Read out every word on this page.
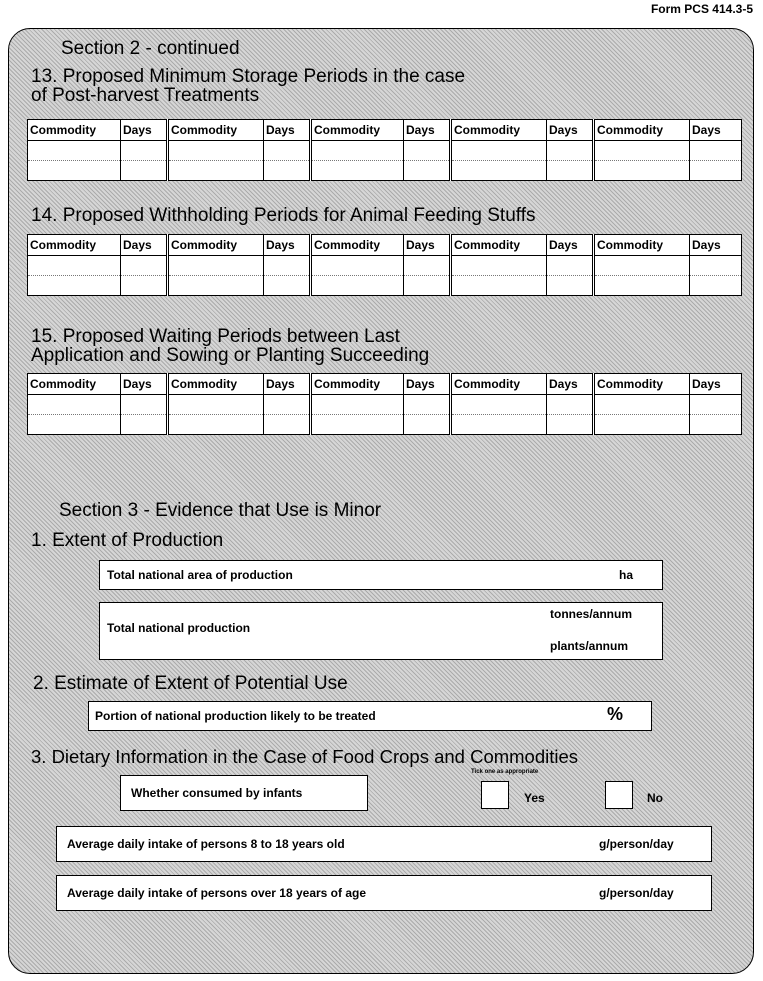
Form PCS 414.3-5
Section 2 - continued
13. Proposed Minimum Storage Periods in the case
of Post-harvest Treatments
Commodity	Days	Commodity	Days	Commodity	Days	Commodity	Days	Commodity	Days

14. Proposed Withholding Periods for Animal Feeding Stuffs
Commodity	Days	Commodity	Days	Commodity	Days	Commodity	Days	Commodity	Days

15. Proposed Waiting Periods between Last
Application and Sowing or Planting Succeeding
Commodity	Days	Commodity	Days	Commodity	Days	Commodity	Days	Commodity	Days

Section 3 - Evidence that Use is Minor
1. Extent of Production
Total national area of production	ha
Total national production
tonnes/annum
plants/annum
2. Estimate of Extent of Potential Use
Portion of national production likely to be treated	%
3. Dietary Information in the Case of Food Crops and Commodities
Whether consumed by infants
Tick one as appropriate
Yes	No
Average daily intake of persons 8 to 18 years old	g/person/day
Average daily intake of persons over 18 years of age	g/person/day
